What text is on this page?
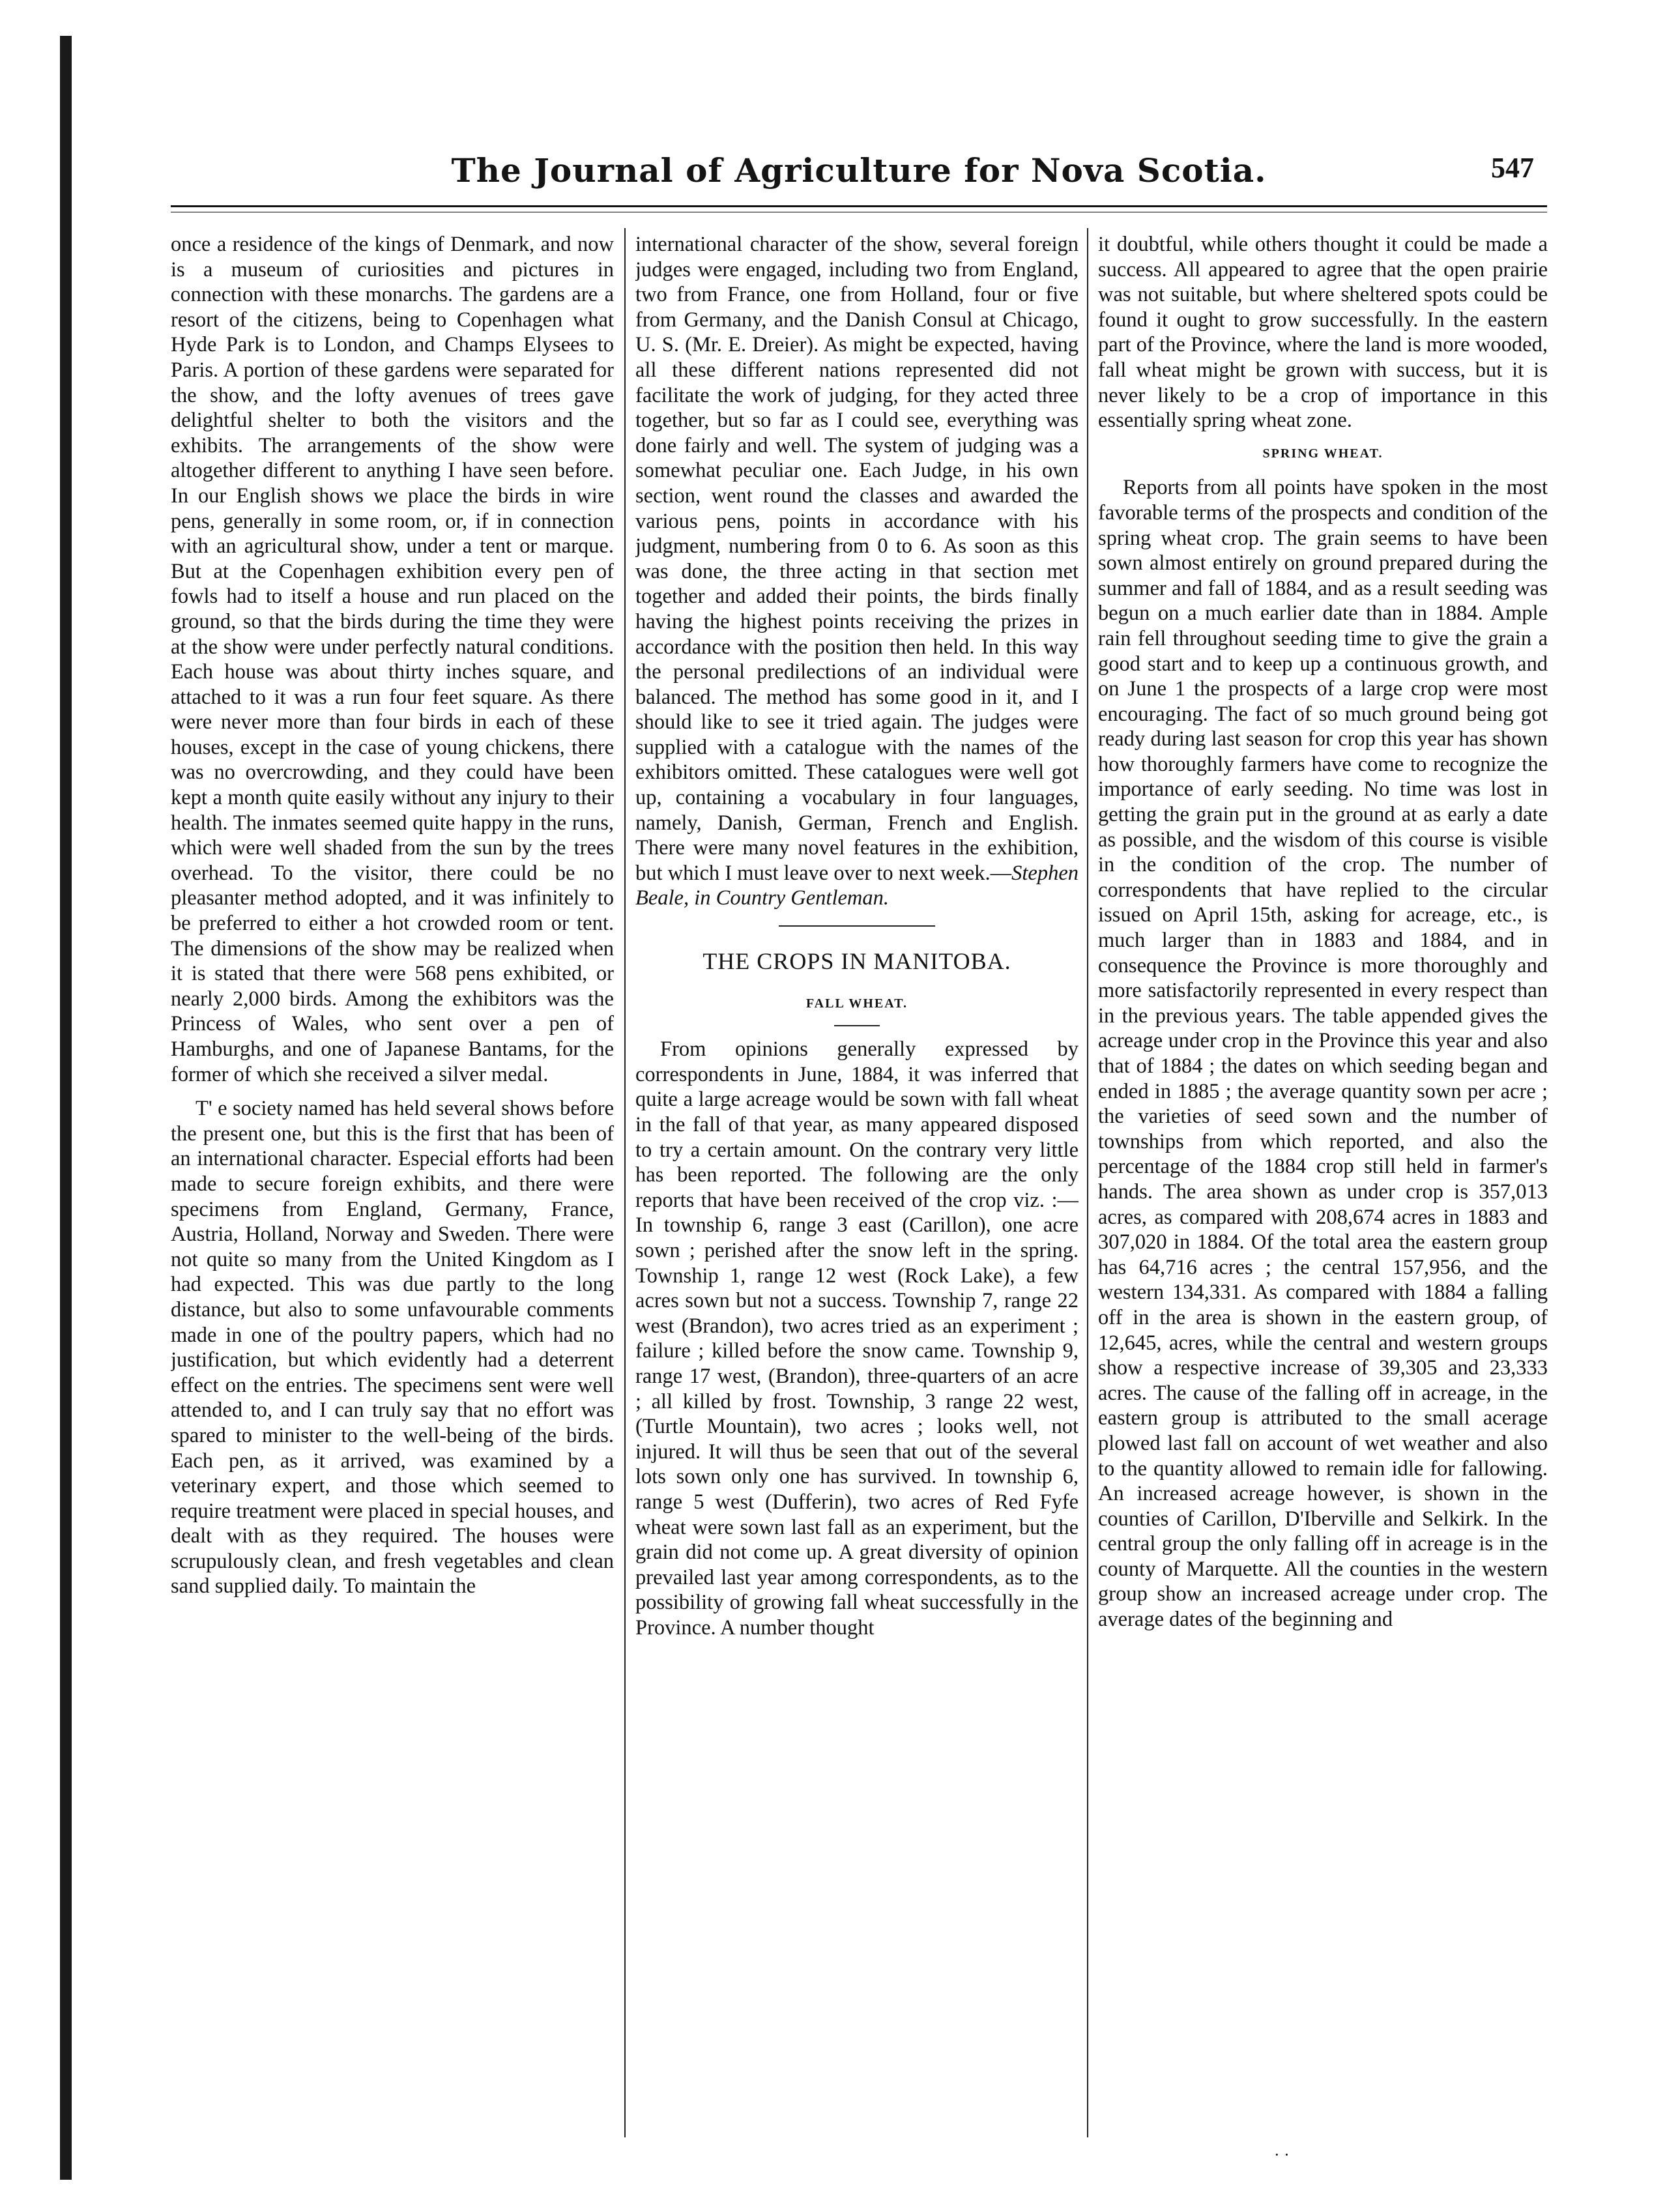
The Journal of Agriculture for Nova Scotia.	547

once a residence of the kings of Denmark, and now is a museum of curiosities and pictures in connection with these monarchs. The gardens are a resort of the citizens, being to Copenhagen what Hyde Park is to London, and Champs Elysees to Paris. A portion of these gardens were separated for the show, and the lofty avenues of trees gave delightful shelter to both the visitors and the exhibits. The arrangements of the show were altogether different to anything I have seen before. In our English shows we place the birds in wire pens, generally in some room, or, if in connection with an agricultural show, under a tent or marque. But at the Copenhagen exhibition every pen of fowls had to itself a house and run placed on the ground, so that the birds during the time they were at the show were under perfectly natural conditions. Each house was about thirty inches square, and attached to it was a run four feet square. As there were never more than four birds in each of these houses, except in the case of young chickens, there was no overcrowding, and they could have been kept a month quite easily without any injury to their health. The inmates seemed quite happy in the runs, which were well shaded from the sun by the trees overhead. To the visitor, there could be no pleasanter method adopted, and it was infinitely to be preferred to either a hot crowded room or tent. The dimensions of the show may be realized when it is stated that there were 568 pens exhibited, or nearly 2,000 birds. Among the exhibitors was the Princess of Wales, who sent over a pen of Hamburghs, and one of Japanese Bantams, for the former of which she received a silver medal.

T' e society named has held several shows before the present one, but this is the first that has been of an international character. Especial efforts had been made to secure foreign exhibits, and there were specimens from England, Germany, France, Austria, Holland, Norway and Sweden. There were not quite so many from the United Kingdom as I had expected. This was due partly to the long distance, but also to some unfavourable comments made in one of the poultry papers, which had no justification, but which evidently had a deterrent effect on the entries. The specimens sent were well attended to, and I can truly say that no effort was spared to minister to the well-being of the birds. Each pen, as it arrived, was examined by a veterinary expert, and those which seemed to require treatment were placed in special houses, and dealt with as they required. The houses were scrupulously clean, and fresh vegetables and clean sand supplied daily. To maintain the

international character of the show, several foreign judges were engaged, including two from England, two from France, one from Holland, four or five from Germany, and the Danish Consul at Chicago, U. S. (Mr. E. Dreier). As might be expected, having all these different nations represented did not facilitate the work of judging, for they acted three together, but so far as I could see, everything was done fairly and well. The system of judging was a somewhat peculiar one. Each Judge, in his own section, went round the classes and awarded the various pens, points in accordance with his judgment, numbering from 0 to 6. As soon as this was done, the three acting in that section met together and added their points, the birds finally having the highest points receiving the prizes in accordance with the position then held. In this way the personal predilections of an individual were balanced. The method has some good in it, and I should like to see it tried again. The judges were supplied with a catalogue with the names of the exhibitors omitted. These catalogues were well got up, containing a vocabulary in four languages, namely, Danish, German, French and English. There were many novel features in the exhibition, but which I must leave over to next week.—Stephen Beale, in Country Gentleman.

THE CROPS IN MANITOBA.
FALL WHEAT.

From opinions generally expressed by correspondents in June, 1884, it was inferred that quite a large acreage would be sown with fall wheat in the fall of that year, as many appeared disposed to try a certain amount. On the contrary very little has been reported. The following are the only reports that have been received of the crop viz. :—In township 6, range 3 east (Carillon), one acre sown ; perished after the snow left in the spring. Township 1, range 12 west (Rock Lake), a few acres sown but not a success. Township 7, range 22 west (Brandon), two acres tried as an experiment ; failure ; killed before the snow came. Township 9, range 17 west, (Brandon), three-quarters of an acre ; all killed by frost. Township, 3 range 22 west, (Turtle Mountain), two acres ; looks well, not injured. It will thus be seen that out of the several lots sown only one has survived. In township 6, range 5 west (Dufferin), two acres of Red Fyfe wheat were sown last fall as an experiment, but the grain did not come up. A great diversity of opinion prevailed last year among correspondents, as to the possibility of growing fall wheat successfully in the Province. A number thought

it doubtful, while others thought it could be made a success. All appeared to agree that the open prairie was not suitable, but where sheltered spots could be found it ought to grow successfully. In the eastern part of the Province, where the land is more wooded, fall wheat might be grown with success, but it is never likely to be a crop of importance in this essentially spring wheat zone.

SPRING WHEAT.

Reports from all points have spoken in the most favorable terms of the prospects and condition of the spring wheat crop. The grain seems to have been sown almost entirely on ground prepared during the summer and fall of 1884, and as a result seeding was begun on a much earlier date than in 1884. Ample rain fell throughout seeding time to give the grain a good start and to keep up a continuous growth, and on June 1 the prospects of a large crop were most encouraging. The fact of so much ground being got ready during last season for crop this year has shown how thoroughly farmers have come to recognize the importance of early seeding. No time was lost in getting the grain put in the ground at as early a date as possible, and the wisdom of this course is visible in the condition of the crop. The number of correspondents that have replied to the circular issued on April 15th, asking for acreage, etc., is much larger than in 1883 and 1884, and in consequence the Province is more thoroughly and more satisfactorily represented in every respect than in the previous years. The table appended gives the acreage under crop in the Province this year and also that of 1884 ; the dates on which seeding began and ended in 1885 ; the average quantity sown per acre ; the varieties of seed sown and the number of townships from which reported, and also the percentage of the 1884 crop still held in farmer's hands. The area shown as under crop is 357,013 acres, as compared with 208,674 acres in 1883 and 307,020 in 1884. Of the total area the eastern group has 64,716 acres ; the central 157,956, and the western 134,331. As compared with 1884 a falling off in the area is shown in the eastern group, of 12,645, acres, while the central and western groups show a respective increase of 39,305 and 23,333 acres. The cause of the falling off in acreage, in the eastern group is attributed to the small acerage plowed last fall on account of wet weather and also to the quantity allowed to remain idle for fallowing. An increased acreage however, is shown in the counties of Carillon, D'Iberville and Selkirk. In the central group the only falling off in acreage is in the county of Marquette. All the counties in the western group show an increased acreage under crop. The average dates of the beginning and

· ·
